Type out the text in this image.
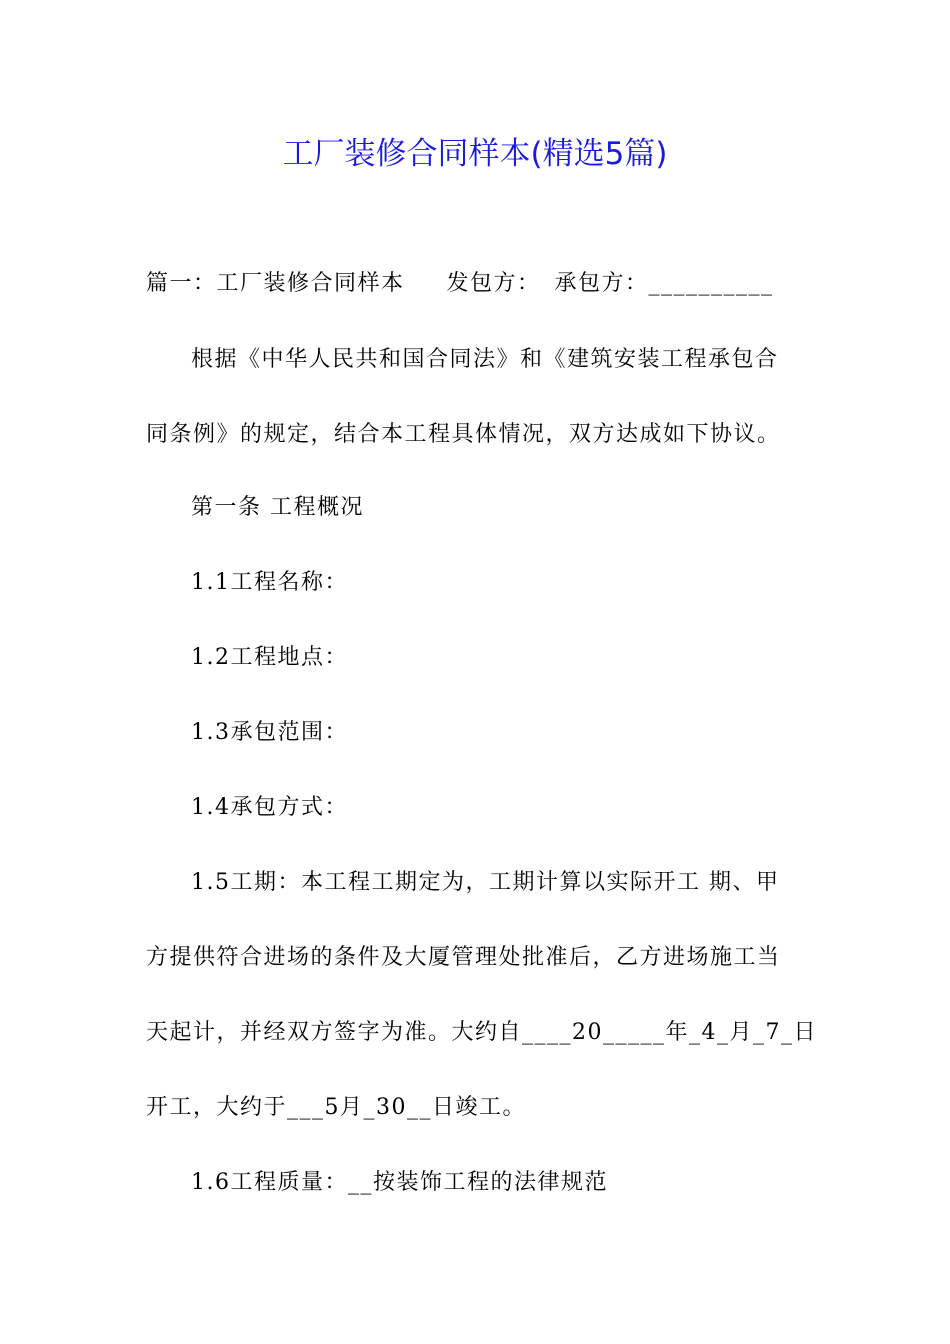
工厂装修合同样本(精选5篇)
篇一：工厂装修合同样本 发包方： 承包方：__________
根据《中华人民共和国合同法》和《建筑安装工程承包合
同条例》的规定，结合本工程具体情况，双方达成如下协议。
第一条 工程概况
1.1工程名称：
1.2工程地点：
1.3承包范围：
1.4承包方式：
1.5工期：本工程工期定为，工期计算以实际开工 期、甲
方提供符合进场的条件及大厦管理处批准后，乙方进场施工当
天起计，并经双方签字为准。大约自____20_____年_4_月_7_日
开工，大约于___5月_30__日竣工。
1.6工程质量：__按装饰工程的法律规范
